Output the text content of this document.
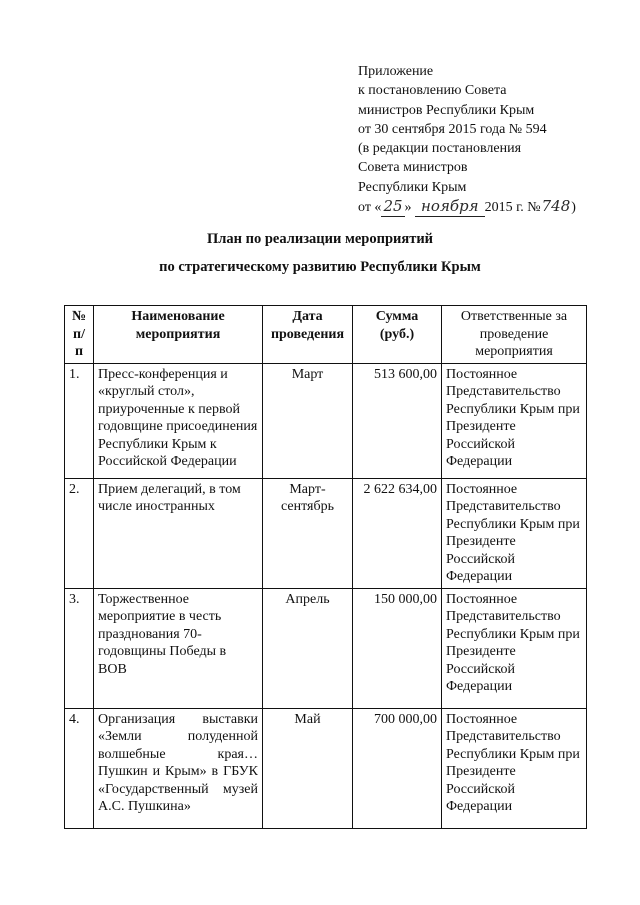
Приложение
к постановлению Совета
министров Республики Крым
от 30 сентября 2015 года № 594
(в редакции постановления
Совета министров
Республики Крым
от « 25 » ноября 2015 г. №748)
План по реализации мероприятий
по стратегическому развитию Республики Крым
№ п/п	Наименование мероприятия	Дата проведения	Сумма (руб.)	Ответственные за проведение мероприятия
1.	Пресс-конференция и «круглый стол», приуроченные к первой годовщине присоединения Республики Крым к Российской Федерации	Март	513 600,00	Постоянное Представительство Республики Крым при Президенте Российской Федерации
2.	Прием делегаций, в том числе иностранных	Март-сентябрь	2 622 634,00	Постоянное Представительство Республики Крым при Президенте Российской Федерации
3.	Торжественное мероприятие в честь празднования 70-годовщины Победы в ВОВ	Апрель	150 000,00	Постоянное Представительство Республики Крым при Президенте Российской Федерации
4.	Организация выставки «Земли полуденной волшебные края… Пушкин и Крым» в ГБУК «Государственный музей А.С. Пушкина»	Май	700 000,00	Постоянное Представительство Республики Крым при Президенте Российской Федерации
